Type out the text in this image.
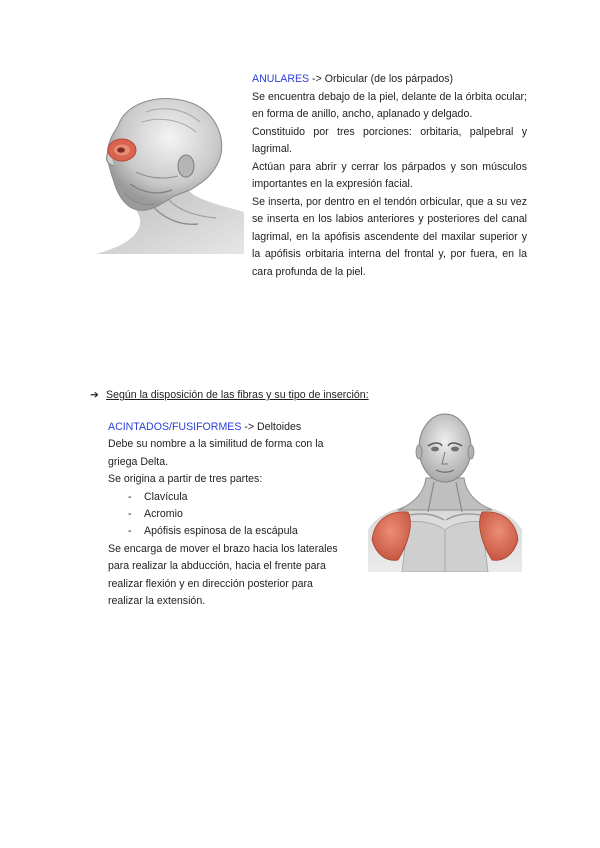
ANULARES -> Orbicular (de los párpados)

Se encuentra debajo de la piel, delante de la órbita ocular; en forma de anillo, ancho, aplanado y delgado.

Constituido por tres porciones: orbitaria, palpebral y lagrimal.

Actúan para abrir y cerrar los párpados y son músculos importantes en la expresión facial.

Se inserta, por dentro en el tendón orbicular, que a su vez se inserta en los labios anteriores y posteriores del canal lagrimal, en la apófisis ascendente del maxilar superior y la apófisis orbitaria interna del frontal y, por fuera, en la cara profunda de la piel.

➔ Según la disposición de las fibras y su tipo de inserción:

ACINTADOS/FUSIFORMES -> Deltoides

Debe su nombre a la similitud de forma con la griega Delta.

Se origina a partir de tres partes:

- Clavícula
- Acromio
- Apófisis espinosa de la escápula

Se encarga de mover el brazo hacia los laterales para realizar la abducción, hacia el frente para realizar flexión y en dirección posterior para realizar la extensión.
